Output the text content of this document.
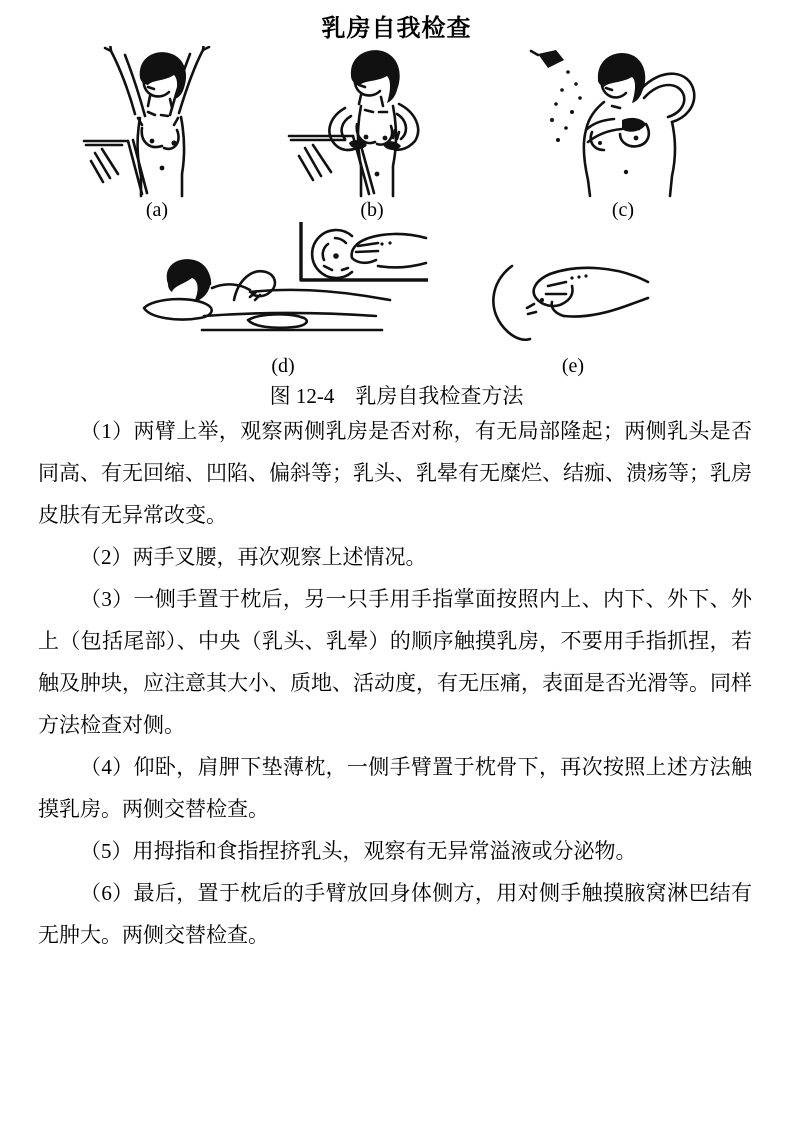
乳房自我检查
(a)	(b)	(c)
(d)	(e)
图 12-4　乳房自我检查方法

（1）两臂上举，观察两侧乳房是否对称，有无局部隆起；两侧乳头是否同高、有无回缩、凹陷、偏斜等；乳头、乳晕有无糜烂、结痂、溃疡等；乳房皮肤有无异常改变。

（2）两手叉腰，再次观察上述情况。

（3）一侧手置于枕后，另一只手用手指掌面按照内上、内下、外下、外上（包括尾部）、中央（乳头、乳晕）的顺序触摸乳房，不要用手指抓捏，若触及肿块，应注意其大小、质地、活动度，有无压痛，表面是否光滑等。同样方法检查对侧。

（4）仰卧，肩胛下垫薄枕，一侧手臂置于枕骨下，再次按照上述方法触摸乳房。两侧交替检查。

（5）用拇指和食指捏挤乳头，观察有无异常溢液或分泌物。

（6）最后，置于枕后的手臂放回身体侧方，用对侧手触摸腋窝淋巴结有无肿大。两侧交替检查。
